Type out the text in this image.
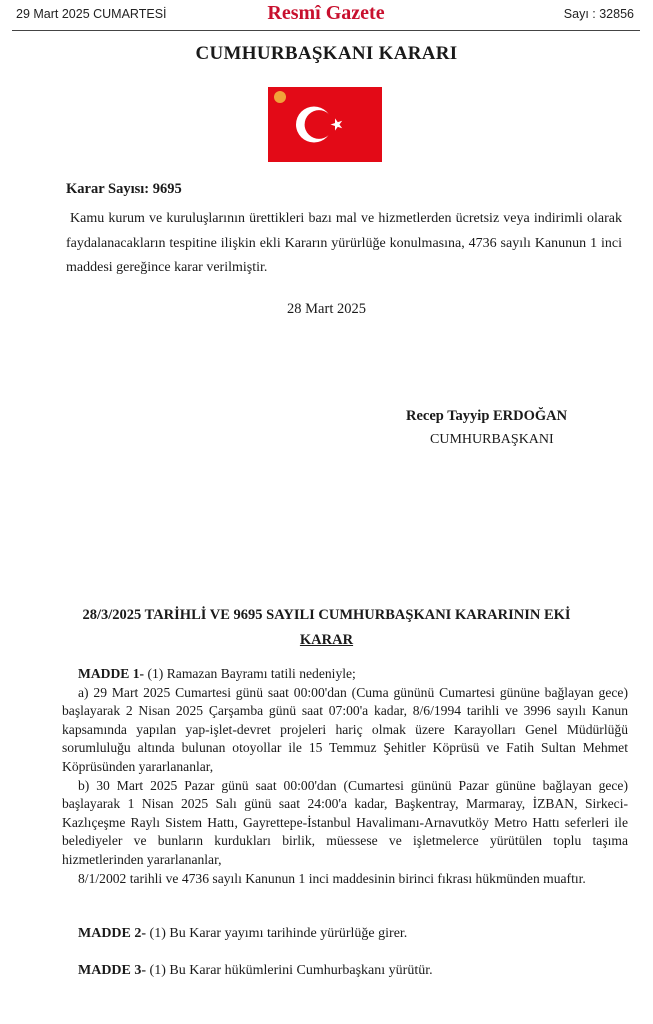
29 Mart 2025 CUMARTESİ	Resmî Gazete	Sayı : 32856
CUMHURBAŞKANI KARARI
Karar Sayısı: 9695
Kamu kurum ve kuruluşlarının ürettikleri bazı mal ve hizmetlerden ücretsiz veya indirimli olarak faydalanacakların tespitine ilişkin ekli Kararın yürürlüğe konulmasına, 4736 sayılı Kanunun 1 inci maddesi gereğince karar verilmiştir.
28 Mart 2025
Recep Tayyip ERDOĞAN
CUMHURBAŞKANI
28/3/2025 TARİHLİ VE 9695 SAYILI CUMHURBAŞKANI KARARININ EKİ
KARAR

MADDE 1- (1) Ramazan Bayramı tatili nedeniyle;

a) 29 Mart 2025 Cumartesi günü saat 00:00'dan (Cuma gününü Cumartesi gününe bağlayan gece) başlayarak 2 Nisan 2025 Çarşamba günü saat 07:00'a kadar, 8/6/1994 tarihli ve 3996 sayılı Kanun kapsamında yapılan yap-işlet-devret projeleri hariç olmak üzere Karayolları Genel Müdürlüğü sorumluluğu altında bulunan otoyollar ile 15 Temmuz Şehitler Köprüsü ve Fatih Sultan Mehmet Köprüsünden yararlananlar,

b) 30 Mart 2025 Pazar günü saat 00:00'dan (Cumartesi gününü Pazar gününe bağlayan gece) başlayarak 1 Nisan 2025 Salı günü saat 24:00'a kadar, Başkentray, Marmaray, İZBAN, Sirkeci-Kazlıçeşme Raylı Sistem Hattı, Gayrettepe-İstanbul Havalimanı-Arnavutköy Metro Hattı seferleri ile belediyeler ve bunların kurdukları birlik, müessese ve işletmelerce yürütülen toplu taşıma hizmetlerinden yararlananlar,

8/1/2002 tarihli ve 4736 sayılı Kanunun 1 inci maddesinin birinci fıkrası hükmünden muaftır.

MADDE 2- (1) Bu Karar yayımı tarihinde yürürlüğe girer.
MADDE 3- (1) Bu Karar hükümlerini Cumhurbaşkanı yürütür.
